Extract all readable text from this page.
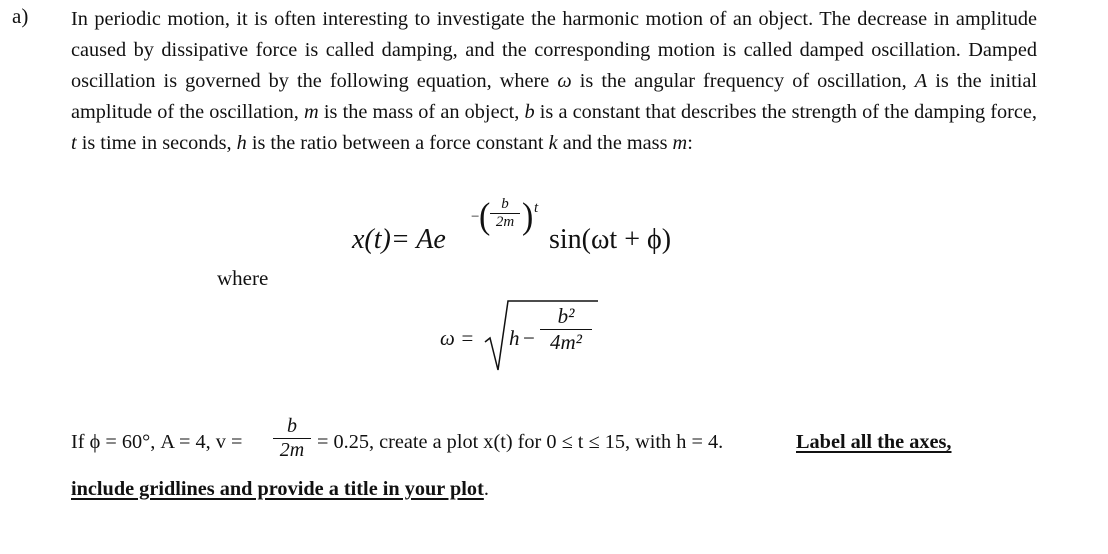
a) In periodic motion, it is often interesting to investigate the harmonic motion of an object. The decrease in amplitude caused by dissipative force is called damping, and the corresponding motion is called damped oscillation. Damped oscillation is governed by the following equation, where ω is the angular frequency of oscillation, A is the initial amplitude of the oscillation, m is the mass of an object, b is a constant that describes the strength of the damping force, t is time in seconds, h is the ratio between a force constant k and the mass m:
x(t)= Ae
− ( b
2m ) t
sin(ωt + ϕ)
where
ω = h −
b²
4m²
If ϕ = 60°, A = 4, v =
b
2m = 0.25, create a plot x(t) for 0 ≤ t ≤ 15, with h = 4.	Label all the axes,
include gridlines and provide a title in your plot.
